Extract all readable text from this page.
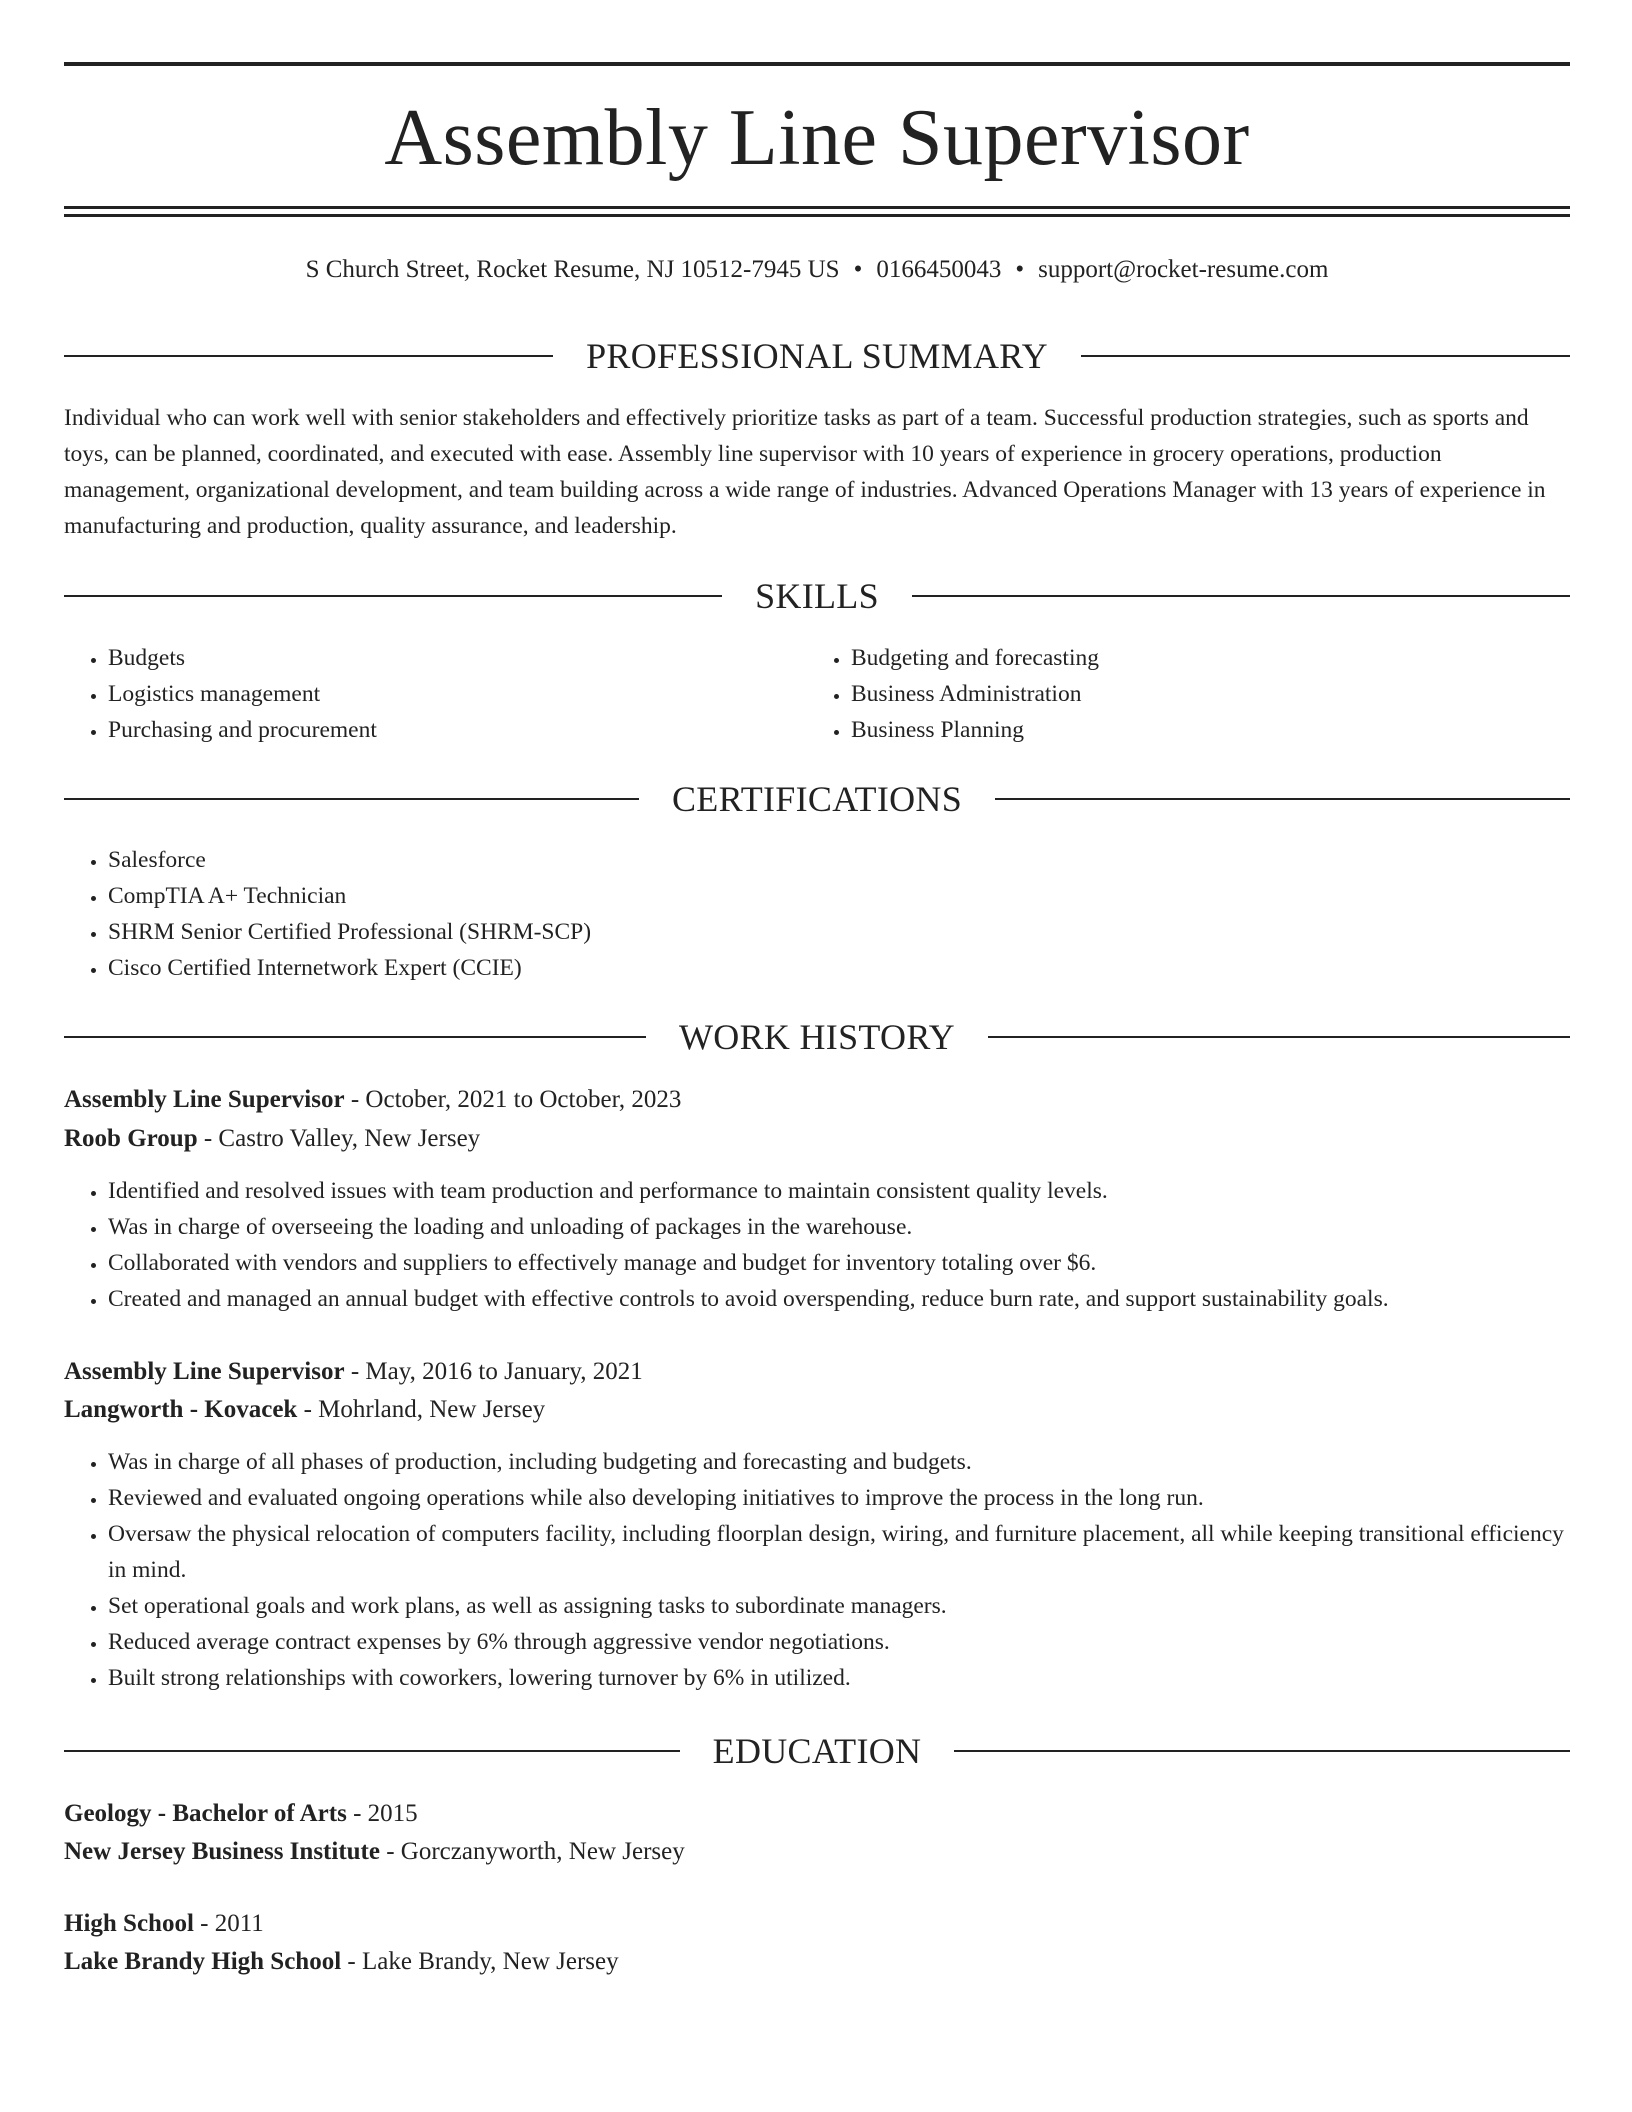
Assembly Line Supervisor
S Church Street, Rocket Resume, NJ 10512-7945 US • 0166450043 • support@rocket-resume.com
PROFESSIONAL SUMMARY

Individual who can work well with senior stakeholders and effectively prioritize tasks as part of a team. Successful production strategies, such as sports and toys, can be planned, coordinated, and executed with ease. Assembly line supervisor with 10 years of experience in grocery operations, production management, organizational development, and team building across a wide range of industries. Advanced Operations Manager with 13 years of experience in manufacturing and production, quality assurance, and leadership.

SKILLS
• Budgets
• Logistics management
• Purchasing and procurement
• Budgeting and forecasting
• Business Administration
• Business Planning
CERTIFICATIONS
• Salesforce
• CompTIA A+ Technician
• SHRM Senior Certified Professional (SHRM-SCP)
• Cisco Certified Internetwork Expert (CCIE)
WORK HISTORY
Assembly Line Supervisor - October, 2021 to October, 2023
Roob Group - Castro Valley, New Jersey
• Identified and resolved issues with team production and performance to maintain consistent quality levels.
• Was in charge of overseeing the loading and unloading of packages in the warehouse.
• Collaborated with vendors and suppliers to effectively manage and budget for inventory totaling over $6.
• Created and managed an annual budget with effective controls to avoid overspending, reduce burn rate, and support sustainability goals.
Assembly Line Supervisor - May, 2016 to January, 2021
Langworth - Kovacek - Mohrland, New Jersey
• Was in charge of all phases of production, including budgeting and forecasting and budgets.
• Reviewed and evaluated ongoing operations while also developing initiatives to improve the process in the long run.
• Oversaw the physical relocation of computers facility, including floorplan design, wiring, and furniture placement, all while keeping transitional efficiency in mind.
• Set operational goals and work plans, as well as assigning tasks to subordinate managers.
• Reduced average contract expenses by 6% through aggressive vendor negotiations.
• Built strong relationships with coworkers, lowering turnover by 6% in utilized.
EDUCATION
Geology - Bachelor of Arts - 2015
New Jersey Business Institute - Gorczanyworth, New Jersey
High School - 2011
Lake Brandy High School - Lake Brandy, New Jersey
